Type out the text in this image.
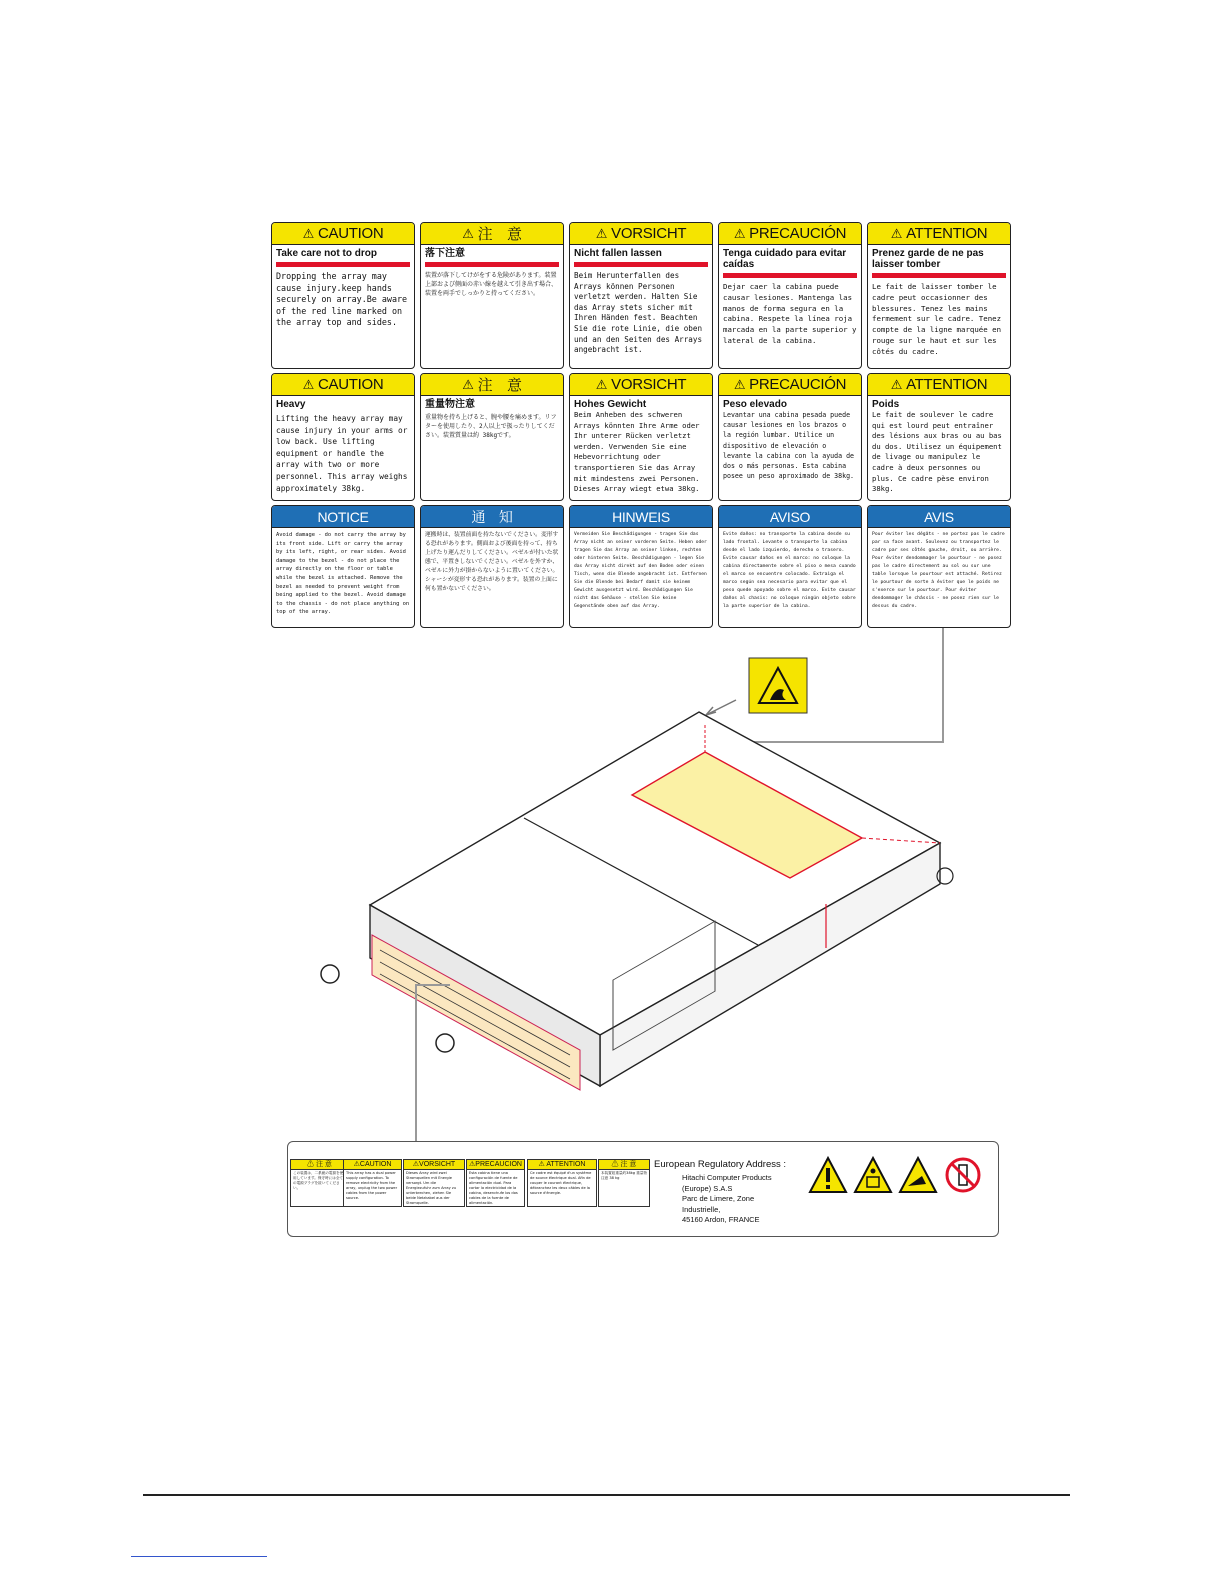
⚠ CAUTION
Take care not to drop
Dropping the array may cause injury.keep hands securely on array.Be aware of the red line marked on the array top and sides.
⚠ 注　意
落下注意
装置が落下してけがをする危険があります。装置上部および側面の赤い線を越えて引き出す場合、装置を両手でしっかりと持ってください。
⚠ VORSICHT
Nicht fallen lassen
Beim Herunterfallen des Arrays können Personen verletzt werden. Halten Sie das Array stets sicher mit Ihren Händen fest. Beachten Sie die rote Linie, die oben und an den Seiten des Arrays angebracht ist.
⚠ PRECAUCIÓN
Tenga cuidado para evitar caídas
Dejar caer la cabina puede causar lesiones. Mantenga las manos de forma segura en la cabina. Respete la línea roja marcada en la parte superior y lateral de la cabina.
⚠ ATTENTION
Prenez garde de ne pas laisser tomber
Le fait de laisser tomber le cadre peut occasionner des blessures. Tenez les mains fermement sur le cadre. Tenez compte de la ligne marquée en rouge sur le haut et sur les côtés du cadre.
⚠ CAUTION
Heavy
Lifting the heavy array may cause injury in your arms or low back. Use lifting equipment or handle the array with two or more personnel. This array weighs approximately 38kg.
⚠ 注　意
重量物注意
重量物を持ち上げると、腕や腰を痛めます。リフターを使用したり、2人以上で扱ったりしてください。装置質量は約 38kgです。
⚠ VORSICHT
Hohes Gewicht
Beim Anheben des schweren Arrays könnten Ihre Arme oder Ihr unterer Rücken verletzt werden. Verwenden Sie eine Hebevorrichtung oder transportieren Sie das Array mit mindestens zwei Personen. Dieses Array wiegt etwa 38kg.
⚠ PRECAUCIÓN
Peso elevado
Levantar una cabina pesada puede causar lesiones en los brazos o la región lumbar. Utilice un dispositivo de elevación o levante la cabina con la ayuda de dos o más personas. Esta cabina posee un peso aproximado de 38kg.
⚠ ATTENTION
Poids
Le fait de soulever le cadre qui est lourd peut entraîner des lésions aux bras ou au bas du dos. Utilisez un équipement de livage ou manipulez le cadre à deux personnes ou plus. Ce cadre pèse environ 38kg.
NOTICE
Avoid damage - do not carry the array by its front side. Lift or carry the array by its left, right, or rear sides. Avoid damage to the bezel - do not place the array directly on the floor or table while the bezel is attached. Remove the bezel as needed to prevent weight from being applied to the bezel. Avoid damage to the chassis - do not place anything on top of the array.
通　知
運搬時は、装置前面を持たないでください。変形する恐れがあります。側面および後面を持って、持ち上げたり運んだりしてください。ベゼルが付いた状態で、平置きしないでください。ベゼルを外すか、ベゼルに外力が掛からないように置いてください。シャーシが変形する恐れがあります。装置の上面に何も置かないでください。
HINWEIS
Vermeiden Sie Beschädigungen - tragen Sie das Array nicht an seiner vorderen Seite. Heben oder tragen Sie das Array an seiner linken, rechten oder hinteren Seite. Beschädigungen - legen Sie das Array nicht direkt auf den Boden oder einen Tisch, wenn die Blende angebracht ist. Entfernen Sie die Blende bei Bedarf damit sie keinem Gewicht ausgesetzt wird. Beschädigungen Sie nicht das Gehäuse - stellen Sie keine Gegenstände oben auf das Array.
AVISO
Evite daños: no transporte la cabina desde su lado frontal. Levante o transporte la cabina desde el lado izquierdo, derecho o trasero. Evite causar daños en el marco: no coloque la cabina directamente sobre el piso o mesa cuando el marco se encuentre colocado. Extraiga el marco según sea necesario para evitar que el peso quede apoyado sobre el marco. Evite causar daños al chasis: no coloque ningún objeto sobre la parte superior de la cabina.
AVIS
Pour éviter les dégâts - ne portez pas le cadre par sa face avant. Soulevez ou transportez le cadre par ses côtés gauche, droit, ou arrière. Pour éviter dendommager le pourtour - ne posez pas le cadre directement au sol ou sur une table lorsque le pourtour est attaché. Retirez le pourtour de sorte à éviter que le poids ne s'exerce sur le pourtour. Pour éviter dendommager le châssis - ne posez rien sur le dessus du cadre.
⚠ 注 意
この装置は、二系統の電源を使用しています。保守時には全ての電源プラグを抜いてください。
⚠CAUTION
This array has a dual power supply configuration. To remove electricity from the array, unplug the two power cables from the power source.
⚠VORSICHT
Dieses Array wird zwei Stromquellen mit Energie versorgt. Um die Energiezufuhr zum Array zu unterbrechen, ziehen Sie beide Netzkabel aus der Stromquelle.
⚠PRECAUCIÓN
Esta cabina tiene una configuración de fuente de alimentación dual. Para cortar la electricidad de la cabina, desenchufe los dos cables de la fuente de alimentación.
⚠ ATTENTION
Ce cadre est équipé d'un système de source électrique dual. Afin de couper le courant électrique, débranchez les deux câbles de la source d'énergie.
⚠ 注 意
本装置総重量約38kg 重量物注意 38 kg
European Regulatory Address :
Hitachi Computer Products (Europe) S.A.S
Parc de Limere, Zone Industrielle,
45160 Ardon, FRANCE
